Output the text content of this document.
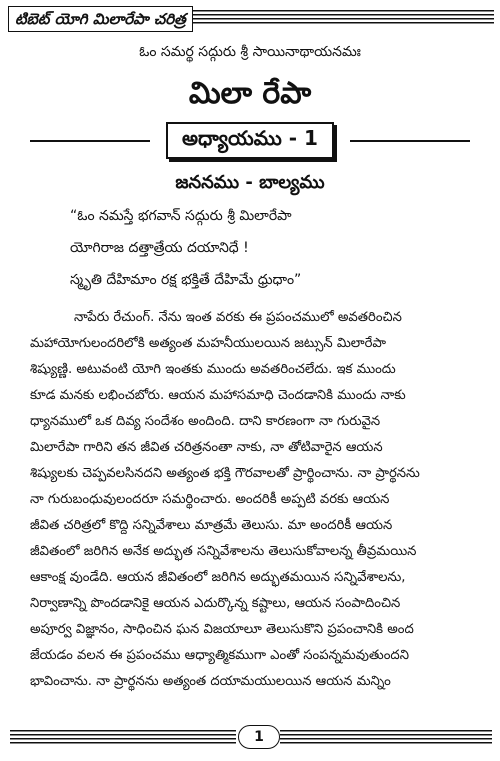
టిబెట్ యోగి మిలారేపా చరిత్ర
ఓం సమర్థ సద్గురు శ్రీ సాయినాథాయనమః
మిలా రేపా
అధ్యాయము - 1
జననము - బాల్యము
“ఓం నమస్తే భగవాన్ సద్గురు శ్రీ మిలారేపా
యోగిరాజ దత్తాత్రేయ దయానిధే !
స్మృతి దేహిమాం రక్ష భక్తితే దేహిమే ధ్రుధాం”
నాపేరు రేచుంగ్. నేను ఇంత వరకు ఈ ప్రపంచములో అవతరించిన
మహాయోగులందరిలోకి అత్యంత మహనీయులయిన జట్సున్ మిలారేపా
శిష్యుణ్ణి. అటువంటి యోగి ఇంతకు ముందు అవతరించలేదు. ఇక ముందు
కూడ మనకు లభించబోరు. ఆయన మహాసమాధి చెందడానికి ముందు నాకు
ధ్యానములో ఒక దివ్య సందేశం అందింది. దాని కారణంగా నా గురువైన
మిలారేపా గారిని తన జీవిత చరిత్రనంతా నాకు, నా తోటివారైన ఆయన
శిష్యులకు చెప్పవలసినదని అత్యంత భక్తి గౌరవాలతో ప్రార్థించాను. నా ప్రార్థనను
నా గురుబంధువులందరూ సమర్థించారు. అందరికీ అప్పటి వరకు ఆయన
జీవిత చరిత్రలో కొద్ది సన్నివేశాలు మాత్రమే తెలుసు. మా అందరికీ ఆయన
జీవితంలో జరిగిన అనేక అద్భుత సన్నివేశాలను తెలుసుకోవాలన్న తీవ్రమయిన
ఆకాంక్ష వుండేది. ఆయన జీవితంలో జరిగిన అద్భుతమయిన సన్నివేశాలను,
నిర్వాణాన్ని పొందడానికై ఆయన ఎదుర్కొన్న కష్టాలు, ఆయన సంపాదించిన
అపూర్వ విజ్ఞానం, సాధించిన ఘన విజయాలూ తెలుసుకొని ప్రపంచానికి అంద
జేయడం వలన ఈ ప్రపంచము ఆధ్యాత్మికముగా ఎంతో సంపన్నమవుతుందని
భావించాను. నా ప్రార్థనను అత్యంత దయామయులయిన ఆయన మన్నిం
1
